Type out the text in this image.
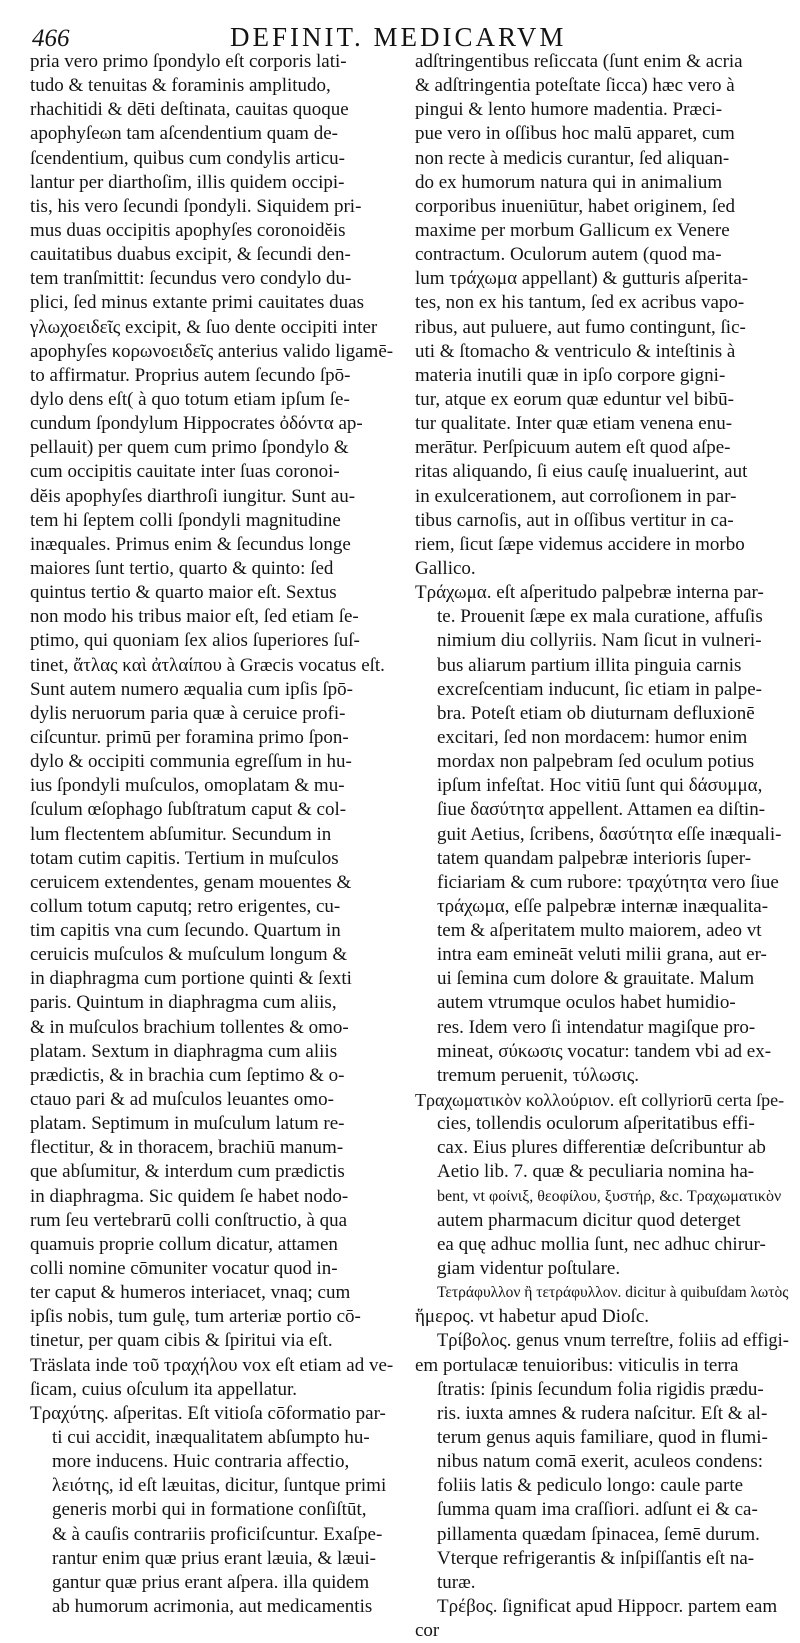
466	DEFINIT. MEDICARVM
pria vero primo ſpondylo eſt corporis lati-
tudo & tenuitas & foraminis amplitudo,
rhachitidi & dēti deſtinata, cauitas quoque
apophyſeωn tam aſcendentium quam de-
ſcendentium, quibus cum condylis articu-
lantur per diarthoſim, illis quidem occipi-
tis, his vero ſecundi ſpondyli. Siquidem pri-
mus duas occipitis apophyſes coronoidĕis
cauitatibus duabus excipit, & ſecundi den-
tem tranſmittit: ſecundus vero condylo du-
plici, ſed minus extante primi cauitates duas
γλωχοειδεῖς excipit, & ſuo dente occipiti inter
apophyſes κορωνοειδεῖς anterius valido ligamē-
to affirmatur. Proprius autem ſecundo ſpō-
dylo dens eſt( à quo totum etiam ipſum ſe-
cundum ſpondylum Hippocrates ὀδόντα ap-
pellauit) per quem cum primo ſpondylo &
cum occipitis cauitate inter ſuas coronoi-
dĕis apophyſes diarthroſi iungitur. Sunt au-
tem hi ſeptem colli ſpondyli magnitudine
inæquales. Primus enim & ſecundus longe
maiores ſunt tertio, quarto & quinto: ſed
quintus tertio & quarto maior eſt. Sextus
non modo his tribus maior eſt, ſed etiam ſe-
ptimo, qui quoniam ſex alios ſuperiores ſuſ-
tinet, ἄτλας καὶ ἀτλαίπου à Græcis vocatus eſt.
Sunt autem numero æqualia cum ipſis ſpō-
dylis neruorum paria quæ à ceruice profi-
ciſcuntur. primū per foramina primo ſpon-
dylo & occipiti communia egreſſum in hu-
ius ſpondyli muſculos, omoplatam & mu-
ſculum œſophago ſubſtratum caput & col-
lum flectentem abſumitur. Secundum in
totam cutim capitis. Tertium in muſculos
ceruicem extendentes, genam mouentes &
collum totum caputq; retro erigentes, cu-
tim capitis vna cum ſecundo. Quartum in
ceruicis muſculos & muſculum longum &
in diaphragma cum portione quinti & ſexti
paris. Quintum in diaphragma cum aliis,
& in muſculos brachium tollentes & omo-
platam. Sextum in diaphragma cum aliis
prædictis, & in brachia cum ſeptimo & o-
ctauo pari & ad muſculos leuantes omo-
platam. Septimum in muſculum latum re-
flectitur, & in thoracem, brachiū manum-
que abſumitur, & interdum cum prædictis
in diaphragma. Sic quidem ſe habet nodo-
rum ſeu vertebrarū colli conſtructio, à qua
quamuis proprie collum dicatur, attamen
colli nomine cōmuniter vocatur quod in-
ter caput & humeros interiacet, vnaq; cum
ipſis nobis, tum gulę, tum arteriæ portio cō-
tinetur, per quam cibis & ſpiritui via eſt.
Träslata inde τοῦ τραχήλου vox eſt etiam ad ve-
ſicam, cuius oſculum ita appellatur.
Τραχύτης. aſperitas. Eſt vitioſa cōformatio par-
ti cui accidit, inæqualitatem abſumpto hu-
more inducens. Huic contraria affectio,
λειότης, id eſt læuitas, dicitur, ſuntque primi
generis morbi qui in formatione conſiſtūt,
& à cauſis contrariis proficiſcuntur. Exaſpe-
rantur enim quæ prius erant læuia, & læui-
gantur quæ prius erant aſpera. illa quidem
ab humorum acrimonia, aut medicamentis
adſtringentibus reſiccata (ſunt enim & acria
& adſtringentia poteſtate ſicca) hæc vero à
pingui & lento humore madentia. Præci-
pue vero in oſſibus hoc malū apparet, cum
non recte à medicis curantur, ſed aliquan-
do ex humorum natura qui in animalium
corporibus inueniūtur, habet originem, ſed
maxime per morbum Gallicum ex Venere
contractum. Oculorum autem (quod ma-
lum τράχωμα appellant) & gutturis aſperita-
tes, non ex his tantum, ſed ex acribus vapo-
ribus, aut puluere, aut fumo contingunt, ſic-
uti & ſtomacho & ventriculo & inteſtinis à
materia inutili quæ in ipſo corpore gigni-
tur, atque ex eorum quæ eduntur vel bibū-
tur qualitate. Inter quæ etiam venena enu-
merātur. Perſpicuum autem eſt quod aſpe-
ritas aliquando, ſi eius cauſę inualuerint, aut
in exulcerationem, aut corroſionem in par-
tibus carnoſis, aut in oſſibus vertitur in ca-
riem, ſicut ſæpe videmus accidere in morbo
Gallico.
Τράχωμα. eſt aſperitudo palpebræ interna par-
te. Prouenit ſæpe ex mala curatione, affuſis
nimium diu collyriis. Nam ſicut in vulneri-
bus aliarum partium illita pinguia carnis
excreſcentiam inducunt, ſic etiam in palpe-
bra. Poteſt etiam ob diuturnam defluxionē
excitari, ſed non mordacem: humor enim
mordax non palpebram ſed oculum potius
ipſum infeſtat. Hoc vitiū ſunt qui δάσυμμα,
ſiue δασύτητα appellent. Attamen ea diſtin-
guit Aetius, ſcribens, δασύτητα eſſe inæquali-
tatem quandam palpebræ interioris ſuper-
ficiariam & cum rubore: τραχύτητα vero ſiue
τράχωμα, eſſe palpebræ internæ inæqualita-
tem & aſperitatem multo maiorem, adeo vt
intra eam emineāt veluti milii grana, aut er-
ui ſemina cum dolore & grauitate. Malum
autem vtrumque oculos habet humidio-
res. Idem vero ſi intendatur magiſque pro-
mineat, σύκωσις vocatur: tandem vbi ad ex-
tremum peruenit, τύλωσις.
Τραχωματικὸν κολλούριον. eſt collyriorū certa ſpe-
cies, tollendis oculorum aſperitatibus effi-
cax. Eius plures differentiæ deſcribuntur ab
Aetio lib. 7. quæ & peculiaria nomina ha-
bent, vt φοίνιξ, θεοφίλου, ξυστήρ, &c. Τραχωματικὸν
autem pharmacum dicitur quod deterget
ea quę adhuc mollia ſunt, nec adhuc chirur-
giam videntur poſtulare.
Τετράφυλλον ἢ τετράφυλλον. dicitur à quibuſdam λωτὸς
ἥμερος. vt habetur apud Dioſc.
Τρίβολος. genus vnum terreſtre, foliis ad effigi-
em portulacæ tenuioribus: viticulis in terra
ſtratis: ſpinis ſecundum folia rigidis prædu-
ris. iuxta amnes & rudera naſcitur. Eſt & al-
terum genus aquis familiare, quod in flumi-
nibus natum comā exerit, aculeos condens:
foliis latis & pediculo longo: caule parte
ſumma quam ima craſſiori. adſunt ei & ca-
pillamenta quædam ſpinacea, ſemē durum.
Vterque refrigerantis & inſpiſſantis eſt na-
turæ.
Τρέβος. ſignificat apud Hippocr. partem eam
cor
